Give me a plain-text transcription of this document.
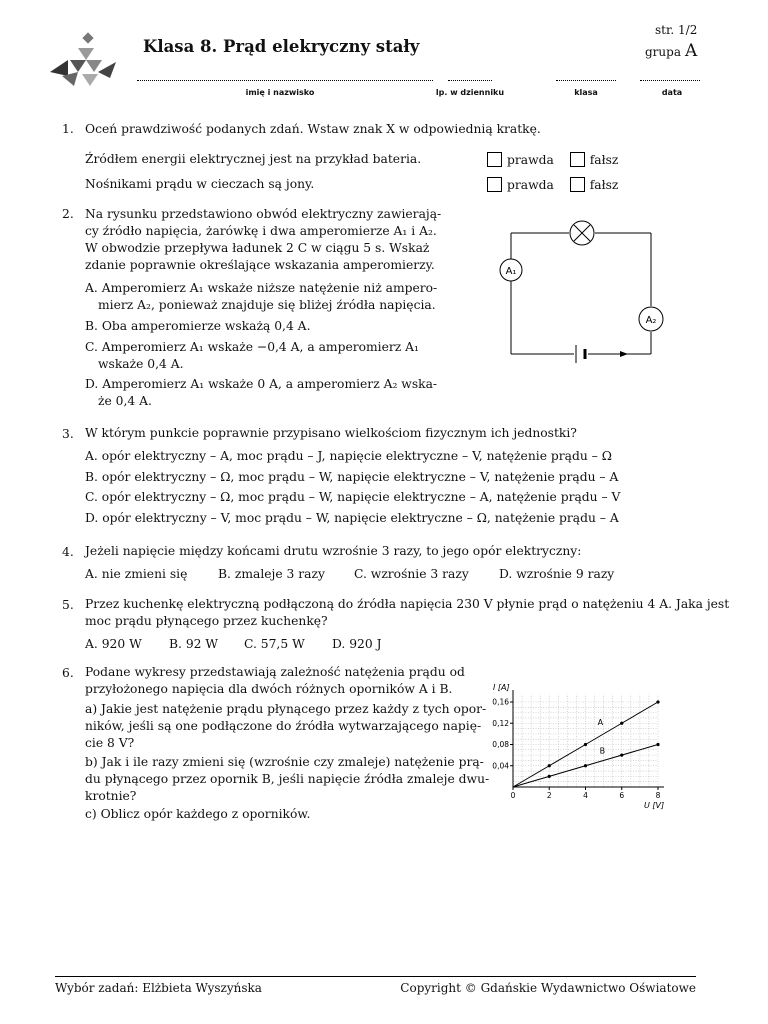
Klasa 8. Prąd elekryczny stały
str. 1/2
grupa A
imię i nazwisko	lp. w dzienniku	klasa	data
1. Oceń prawdziwość podanych zdań. Wstaw znak X w odpowiednią kratkę.
Źródłem energii elektrycznej jest na przykład bateria.
Nośnikami prądu w cieczach są jony.
prawda	fałsz
prawda	fałsz
2. Na rysunku przedstawiono obwód elektryczny zawierają-
cy źródło napięcia, żarówkę i dwa amperomierze A₁ i A₂.
W obwodzie przepływa ładunek 2 C w ciągu 5 s. Wskaż
zdanie poprawnie określające wskazania amperomierzy.
A. Amperomierz A₁ wskaże niższe natężenie niż ampero-
mierz A₂, ponieważ znajduje się bliżej źródła napięcia.
B. Oba amperomierze wskażą 0,4 A.
C. Amperomierz A₁ wskaże −0,4 A, a amperomierz A₁
wskaże 0,4 A.
D. Amperomierz A₁ wskaże 0 A, a amperomierz A₂ wska-
że 0,4 A.
A₁
A₂
3. W którym punkcie poprawnie przypisano wielkościom fizycznym ich jednostki?
A. opór elektryczny – A, moc prądu – J, napięcie elektryczne – V, natężenie prądu – Ω
B. opór elektryczny – Ω, moc prądu – W, napięcie elektryczne – V, natężenie prądu – A
C. opór elektryczny – Ω, moc prądu – W, napięcie elektryczne – A, natężenie prądu – V
D. opór elektryczny – V, moc prądu – W, napięcie elektryczne – Ω, natężenie prądu – A
4. Jeżeli napięcie między końcami drutu wzrośnie 3 razy, to jego opór elektryczny:
A. nie zmieni się B. zmaleje 3 razy C. wzrośnie 3 razy D. wzrośnie 9 razy
5. Przez kuchenkę elektryczną podłączoną do źródła napięcia 230 V płynie prąd o natężeniu 4 A. Jaka jest
moc prądu płynącego przez kuchenkę?
A. 920 W B. 92 W C. 57,5 W D. 920 J
6. Podane wykresy przedstawiają zależność natężenia prądu od
przyłożonego napięcia dla dwóch różnych oporników A i B.
a) Jakie jest natężenie prądu płynącego przez każdy z tych opor-
ników, jeśli są one podłączone do źródła wytwarzającego napię-
cie 8 V?
b) Jak i ile razy zmieni się (wzrośnie czy zmaleje) natężenie prą-
du płynącego przez opornik B, jeśli napięcie źródła zmaleje dwu-
krotnie?
c) Oblicz opór każdego z oporników.
0	2	4	6	8
0,04
0,08
0,12
0,16
I [A]
U [V]
A
B
Wybór zadań: Elżbieta Wyszyńska	Copyright © Gdańskie Wydawnictwo Oświatowe
